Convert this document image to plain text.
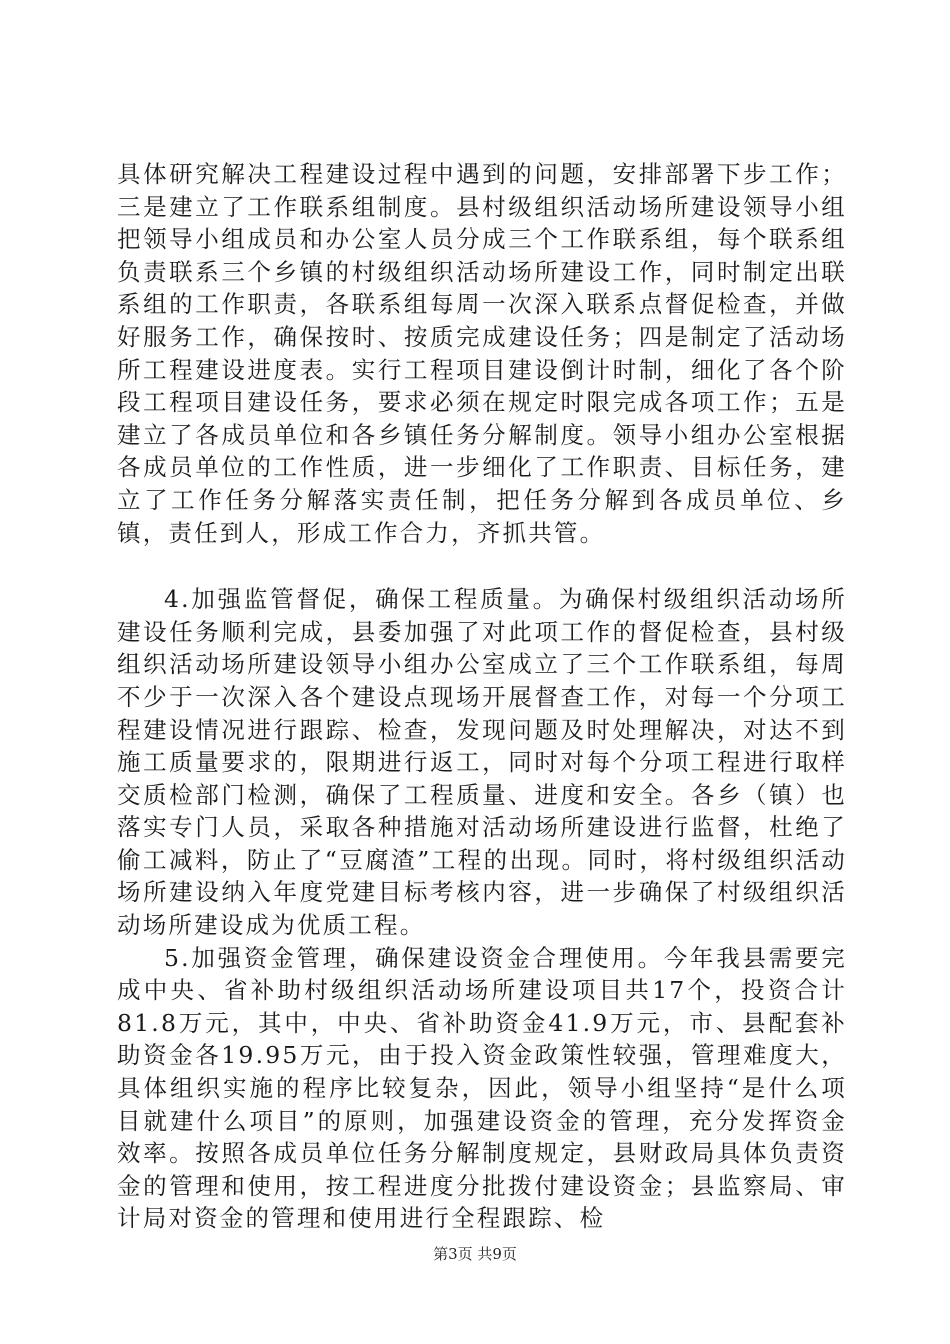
具体研究解决工程建设过程中遇到的问题，安排部署下步工作；三是建立了工作联系组制度。县村级组织活动场所建设领导小组把领导小组成员和办公室人员分成三个工作联系组，每个联系组负责联系三个乡镇的村级组织活动场所建设工作，同时制定出联系组的工作职责，各联系组每周一次深入联系点督促检查，并做好服务工作，确保按时、按质完成建设任务；四是制定了活动场所工程建设进度表。实行工程项目建设倒计时制，细化了各个阶段工程项目建设任务，要求必须在规定时限完成各项工作；五是建立了各成员单位和各乡镇任务分解制度。领导小组办公室根据各成员单位的工作性质，进一步细化了工作职责、目标任务，建立了工作任务分解落实责任制，把任务分解到各成员单位、乡镇，责任到人，形成工作合力，齐抓共管。

4.加强监管督促，确保工程质量。为确保村级组织活动场所建设任务顺利完成，县委加强了对此项工作的督促检查，县村级组织活动场所建设领导小组办公室成立了三个工作联系组，每周不少于一次深入各个建设点现场开展督查工作，对每一个分项工程建设情况进行跟踪、检查，发现问题及时处理解决，对达不到施工质量要求的，限期进行返工，同时对每个分项工程进行取样交质检部门检测，确保了工程质量、进度和安全。各乡（镇）也落实专门人员，采取各种措施对活动场所建设进行监督，杜绝了偷工减料，防止了“豆腐渣”工程的出现。同时，将村级组织活动场所建设纳入年度党建目标考核内容，进一步确保了村级组织活动场所建设成为优质工程。

5.加强资金管理，确保建设资金合理使用。今年我县需要完成中央、省补助村级组织活动场所建设项目共17个，投资合计81.8万元，其中，中央、省补助资金41.9万元，市、县配套补助资金各19.95万元，由于投入资金政策性较强，管理难度大，具体组织实施的程序比较复杂，因此，领导小组坚持“是什么项目就建什么项目”的原则，加强建设资金的管理，充分发挥资金效率。按照各成员单位任务分解制度规定，县财政局具体负责资金的管理和使用，按工程进度分批拨付建设资金；县监察局、审计局对资金的管理和使用进行全程跟踪、检

第3页 共9页
